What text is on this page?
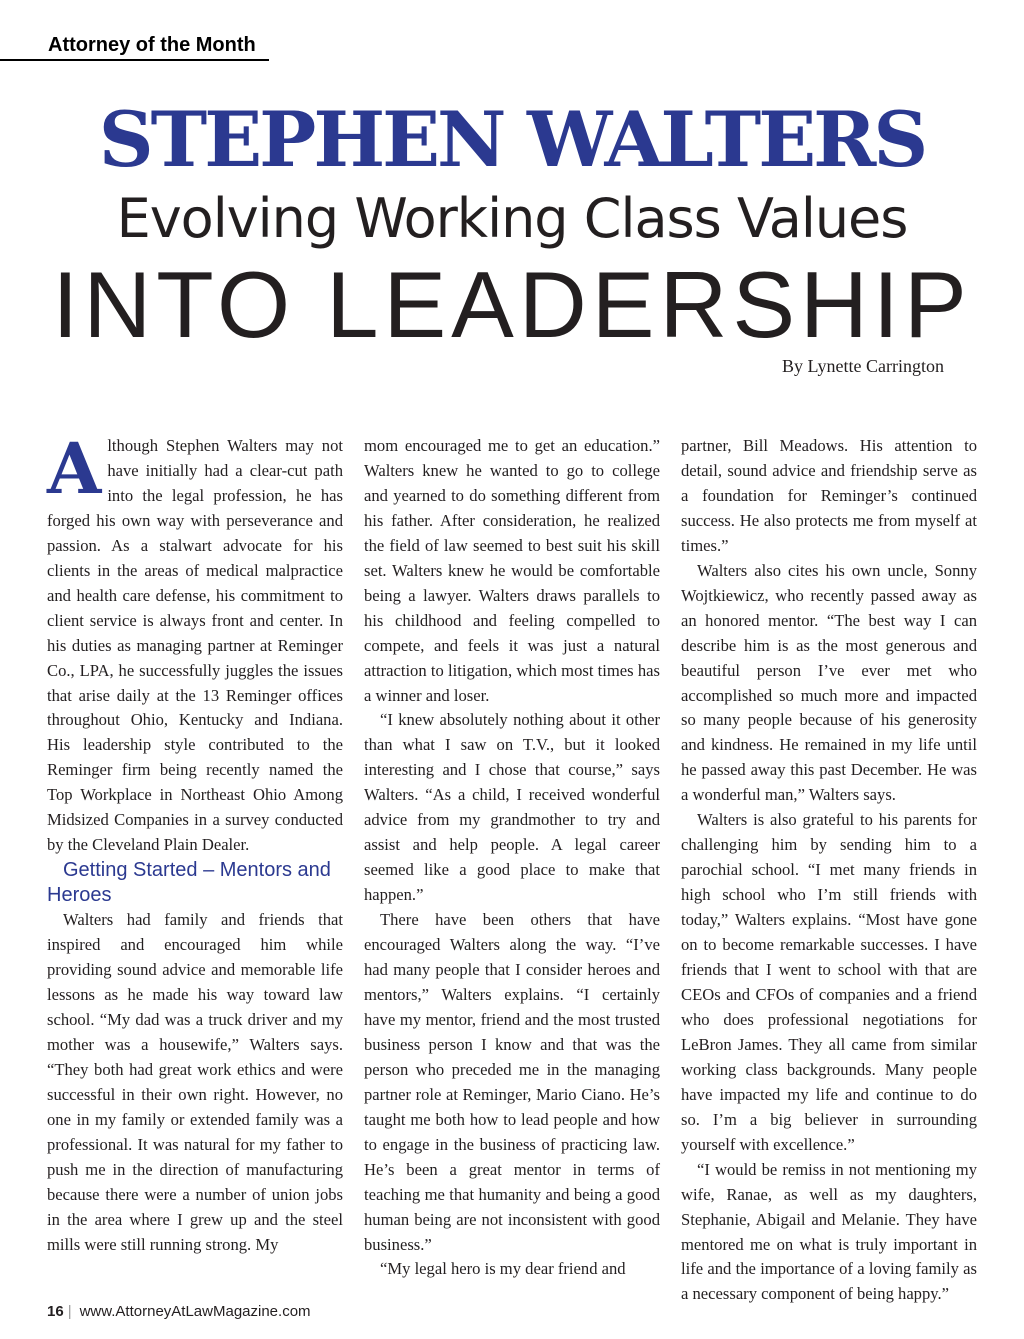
Attorney of the Month
STEPHEN WALTERS
Evolving Working Class Values
INTO LEADERSHIP
By Lynette Carrington

Although Stephen Walters may not have initially had a clear-cut path into the legal profession, he has forged his own way with perseverance and passion. As a stalwart advocate for his clients in the areas of medical malpractice and health care defense, his commitment to client service is always front and center. In his duties as managing partner at Reminger Co., LPA, he successfully juggles the issues that arise daily at the 13 Reminger offices throughout Ohio, Kentucky and Indiana. His leadership style contributed to the Reminger firm being recently named the Top Workplace in Northeast Ohio Among Midsized Companies in a survey conducted by the Cleveland Plain Dealer.

Getting Started – Mentors and Heroes

Walters had family and friends that inspired and encouraged him while providing sound advice and memorable life lessons as he made his way toward law school. “My dad was a truck driver and my mother was a housewife,” Walters says. “They both had great work ethics and were successful in their own right. However, no one in my family or extended family was a professional. It was natural for my father to push me in the direction of manufacturing because there were a number of union jobs in the area where I grew up and the steel mills were still running strong. My

mom encouraged me to get an education.” Walters knew he wanted to go to college and yearned to do something different from his father. After consideration, he realized the field of law seemed to best suit his skill set. Walters knew he would be comfortable being a lawyer. Walters draws parallels to his childhood and feeling compelled to compete, and feels it was just a natural attraction to litigation, which most times has a winner and loser.

“I knew absolutely nothing about it other than what I saw on T.V., but it looked interesting and I chose that course,” says Walters. “As a child, I received wonderful advice from my grandmother to try and assist and help people. A legal career seemed like a good place to make that happen.”

There have been others that have encouraged Walters along the way. “I’ve had many people that I consider heroes and mentors,” Walters explains. “I certainly have my mentor, friend and the most trusted business person I know and that was the person who preceded me in the managing partner role at Reminger, Mario Ciano. He’s taught me both how to lead people and how to engage in the business of practicing law. He’s been a great mentor in terms of teaching me that humanity and being a good human being are not inconsistent with good business.”

“My legal hero is my dear friend and

partner, Bill Meadows. His attention to detail, sound advice and friendship serve as a foundation for Reminger’s continued success. He also protects me from myself at times.”

Walters also cites his own uncle, Sonny Wojtkiewicz, who recently passed away as an honored mentor. “The best way I can describe him is as the most generous and beautiful person I’ve ever met who accomplished so much more and impacted so many people because of his generosity and kindness. He remained in my life until he passed away this past December. He was a wonderful man,” Walters says.

Walters is also grateful to his parents for challenging him by sending him to a parochial school. “I met many friends in high school who I’m still friends with today,” Walters explains. “Most have gone on to become remarkable successes. I have friends that I went to school with that are CEOs and CFOs of companies and a friend who does professional negotiations for LeBron James. They all came from similar working class backgrounds. Many people have impacted my life and continue to do so. I’m a big believer in surrounding yourself with excellence.”

“I would be remiss in not mentioning my wife, Ranae, as well as my daughters, Stephanie, Abigail and Melanie. They have mentored me on what is truly important in life and the importance of a loving family as a necessary component of being happy.”

16 | www.AttorneyAtLawMagazine.com
